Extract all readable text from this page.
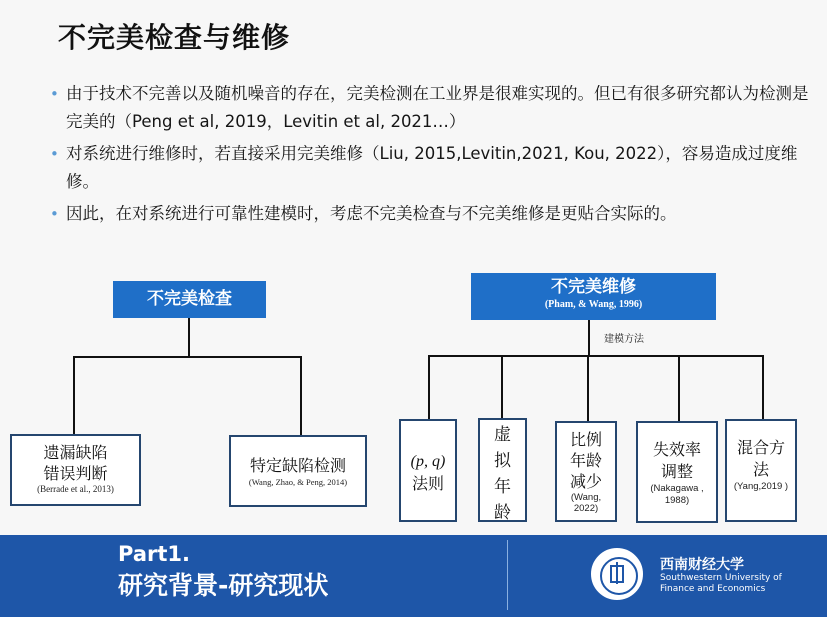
不完美检查与维修
• 由于技术不完善以及随机噪音的存在，完美检测在工业界是很难实现的。但已有很多研究都认为检测是完美的（Peng et al, 2019，Levitin et al, 2021…）
• 对系统进行维修时，若直接采用完美维修（Liu, 2015,Levitin,2021, Kou, 2022），容易造成过度维修。
• 因此，在对系统进行可靠性建模时，考虑不完美检查与不完美维修是更贴合实际的。
不完美检查
遗漏缺陷
错误判断
(Berrade et al., 2013)
特定缺陷检测
(Wang, Zhao, & Peng, 2014)
不完美维修
(Pham, & Wang, 1996)
建模方法
(p, q)
法则
虚
拟
年
龄
比例
年龄
减少
(Wang, 2022)
失效率
调整
(Nakagawa , 1988)
混合方
法
(Yang,2019 )
Part1.
研究背景-研究现状
西南财经大学
Southwestern University of
Finance and Economics
